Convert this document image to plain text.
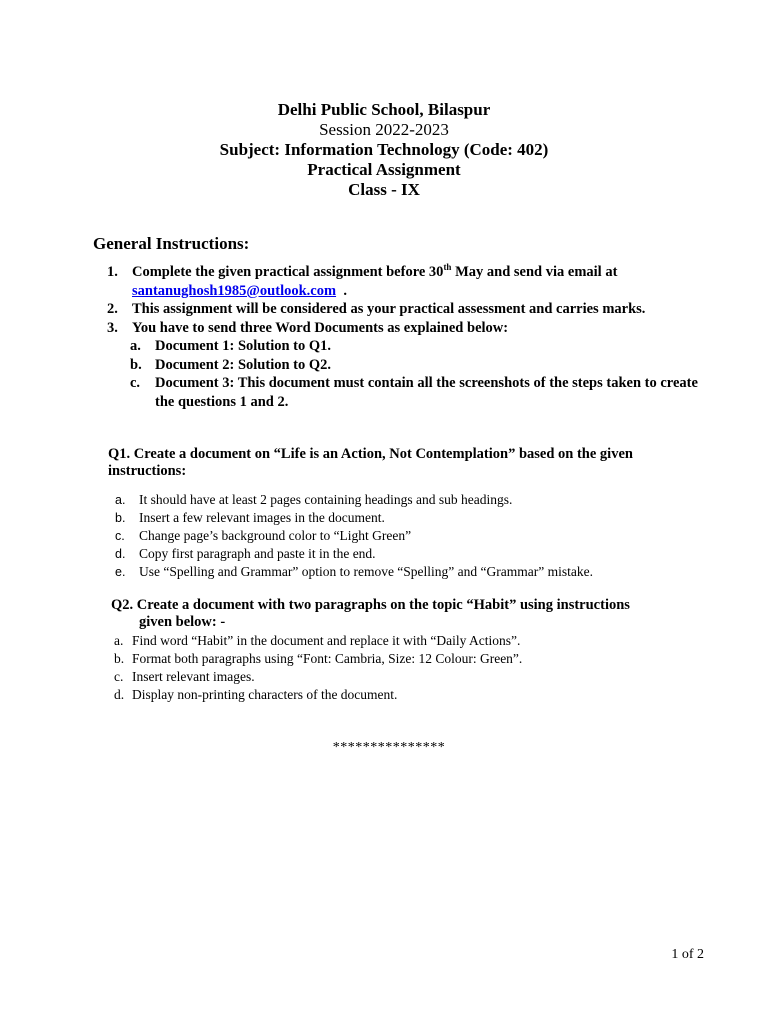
Delhi Public School, Bilaspur
Session 2022-2023
Subject: Information Technology (Code: 402)
Practical Assignment
Class - IX
General Instructions:
1. Complete the given practical assignment before 30th May and send via email at
santanughosh1985@outlook.com  .
2. This assignment will be considered as your practical assessment and carries marks.
3. You have to send three Word Documents as explained below:
a. Document 1: Solution to Q1.
b. Document 2: Solution to Q2.
c. Document 3: This document must contain all the screenshots of the steps taken to create the questions 1 and 2.
Q1. Create a document on “Life is an Action, Not Contemplation” based on the given instructions:
a. It should have at least 2 pages containing headings and sub headings.
b. Insert a few relevant images in the document.
c. Change page’s background color to “Light Green”
d. Copy first paragraph and paste it in the end.
e. Use “Spelling and Grammar” option to remove “Spelling” and “Grammar” mistake.
Q2. Create a document with two paragraphs on the topic “Habit” using instructions
given below: -
a. Find word “Habit” in the document and replace it with “Daily Actions”.
b. Format both paragraphs using “Font: Cambria, Size: 12 Colour: Green”.
c. Insert relevant images.
d. Display non-printing characters of the document.
***************
1 of 2
